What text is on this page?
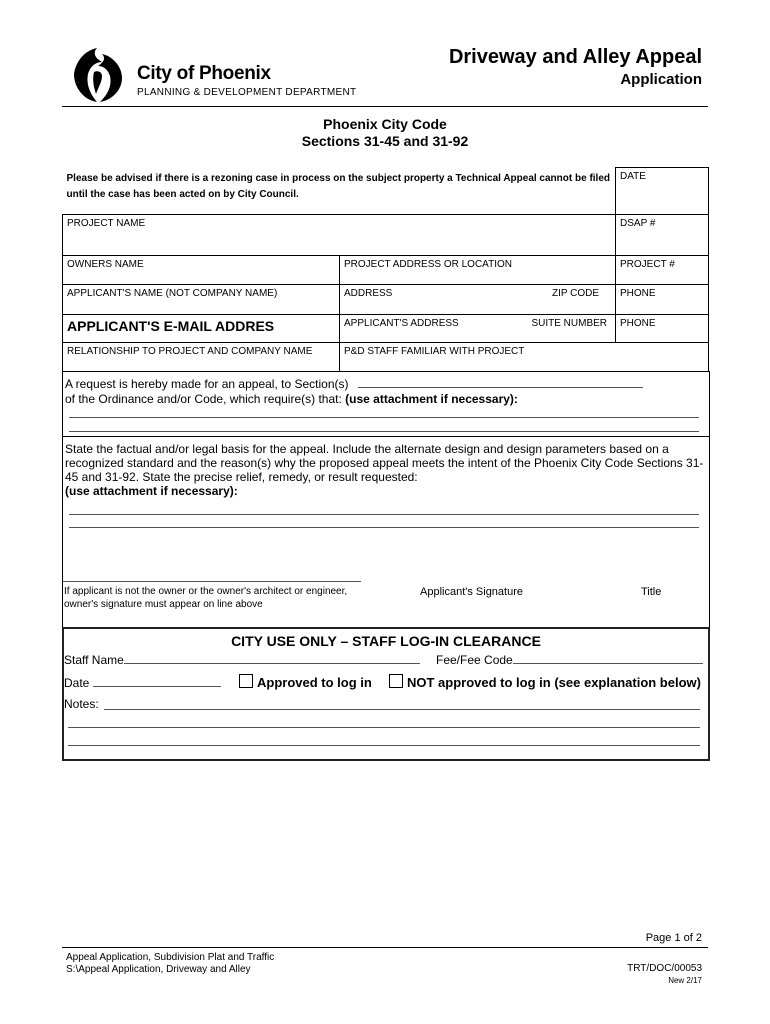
City of Phoenix
PLANNING & DEVELOPMENT DEPARTMENT
Driveway and Alley Appeal
Application
Phoenix City Code
Sections 31-45 and 31-92
Please be advised if there is a rezoning case in process on the subject property a Technical Appeal cannot be filed until the case has been acted on by City Council.		DATE
PROJECT NAME		DSAP #
OWNERS NAME	PROJECT ADDRESS OR LOCATION	PROJECT #
APPLICANT'S NAME (NOT COMPANY NAME)	ADDRESS ZIP CODE	PHONE
APPLICANT'S E-MAIL ADDRES	APPLICANT'S ADDRESS SUITE NUMBER	PHONE
RELATIONSHIP TO PROJECT AND COMPANY NAME	P&D STAFF FAMILIAR WITH PROJECT	
A request is hereby made for an appeal, to Section(s)
of the Ordinance and/or Code, which require(s) that: (use attachment if necessary):
State the factual and/or legal basis for the appeal. Include the alternate design and design parameters based on a recognized standard and the reason(s) why the proposed appeal meets the intent of the Phoenix City Code Sections 31-45 and 31-92. State the precise relief, remedy, or result requested:
(use attachment if necessary):
If applicant is not the owner or the owner's architect or engineer, owner's signature must appear on line above
Applicant's Signature	Title
CITY USE ONLY – STAFF LOG-IN CLEARANCE
Staff Name	Fee/Fee Code
Date	Approved to log in	NOT approved to log in (see explanation below)
Notes:
Page 1 of 2
Appeal Application, Subdivision Plat and Traffic
S:\Appeal Application, Driveway and Alley	TRT/DOC/00053
New 2/17
